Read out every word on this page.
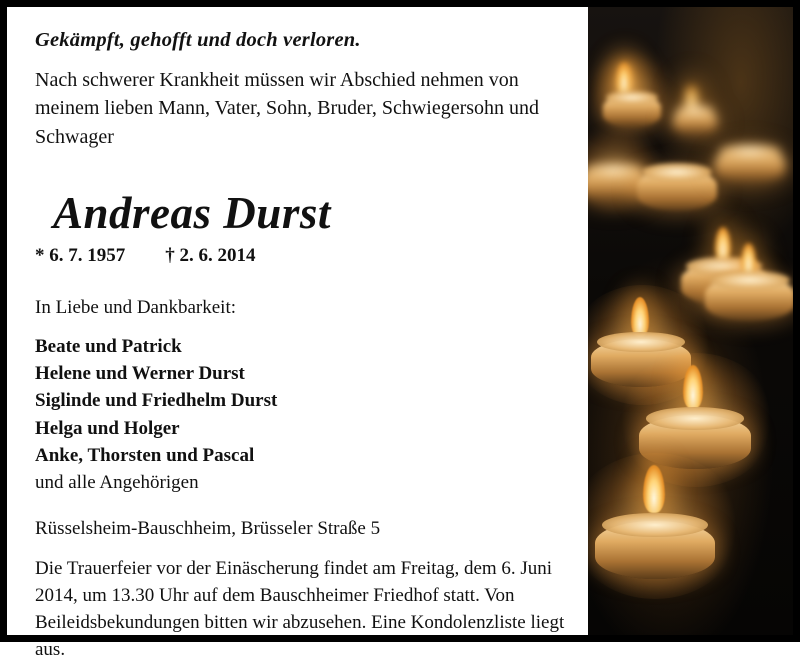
Gekämpft, gehofft und doch verloren.

Nach schwerer Krankheit müssen wir Abschied nehmen von meinem lieben Mann, Vater, Sohn, Bruder, Schwiegersohn und Schwager

Andreas Durst
* 6. 7. 1957 † 2. 6. 2014
In Liebe und Dankbarkeit:
Beate und Patrick
Helene und Werner Durst
Siglinde und Friedhelm Durst
Helga und Holger
Anke, Thorsten und Pascal
und alle Angehörigen
Rüsselsheim-Bauschheim, Brüsseler Straße 5

Die Trauerfeier vor der Einäscherung findet am Freitag, dem 6. Juni 2014, um 13.30 Uhr auf dem Bauschheimer Friedhof statt. Von Beileidsbekundungen bitten wir abzusehen. Eine Kondolenzliste liegt aus.
